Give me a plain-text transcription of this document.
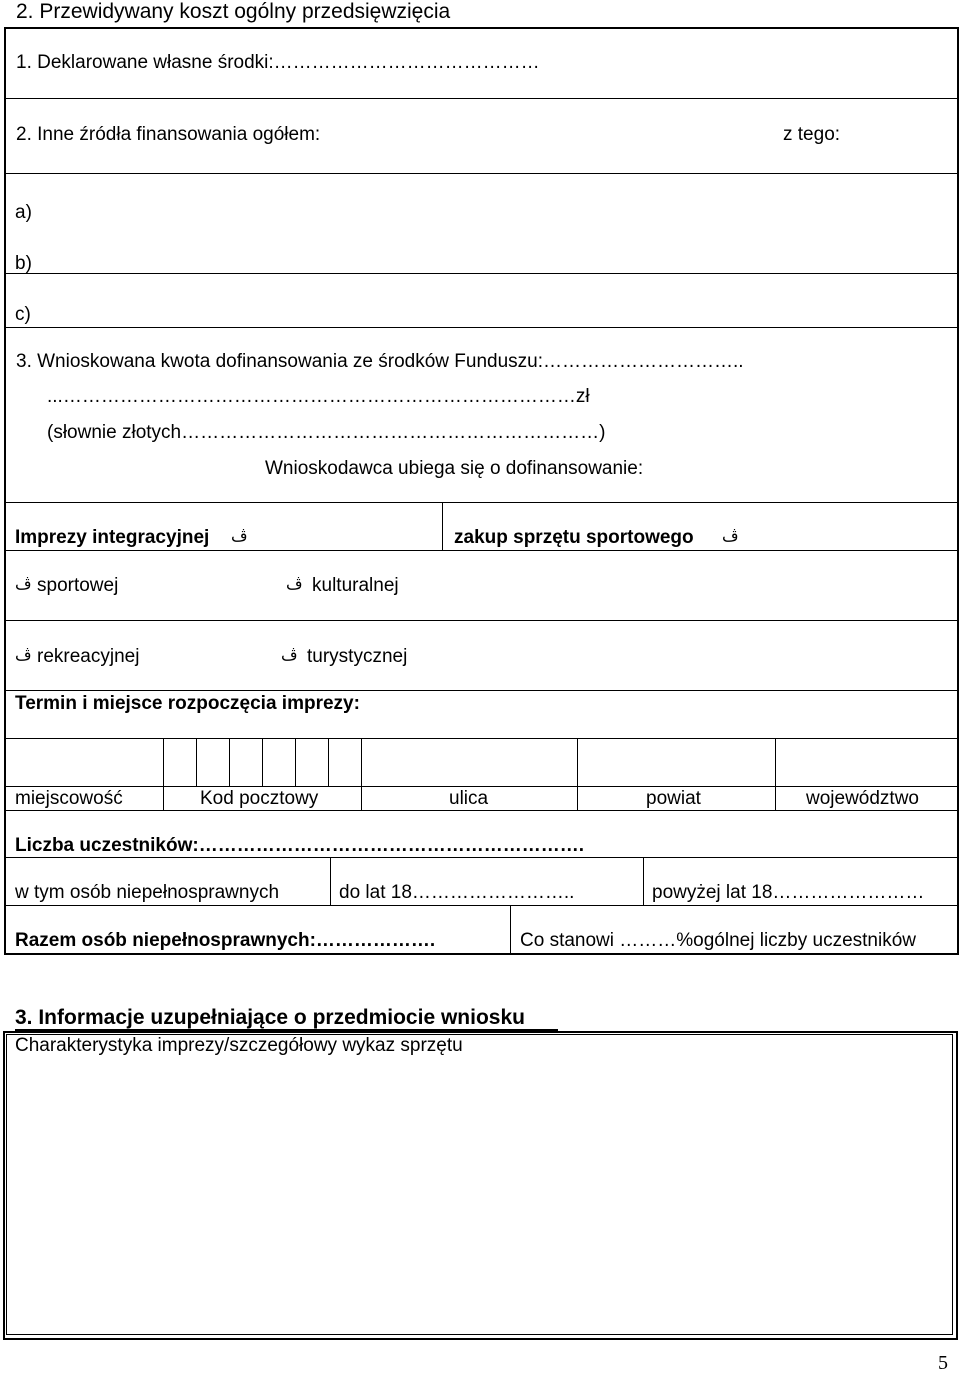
2. Przewidywany koszt ogólny przedsięwzięcia
1. Deklarowane własne środki:……………………………………
2. Inne źródła finansowania ogółem:	z tego:
a)
b)
c)
3. Wnioskowana kwota dofinansowania ze środków Funduszu:…………………………..
...………………………………………………………………………zł
(słownie złotych…………………………………………………………)
Wnioskodawca ubiega się o dofinansowanie:
Imprezy integracyjnej ڤ	zakup sprzętu sportowego ڤ
ڤ sportowej	ڤ kulturalnej
ڤ rekreacyjnej	ڤ turystycznej
Termin i miejsce rozpoczęcia imprezy:
miejscowość	Kod pocztowy	ulica	powiat	województwo
Liczba uczestników:…………………………………………………….
w tym osób niepełnosprawnych	do lat 18……………………..	powyżej lat 18……………………
Razem osób niepełnosprawnych:……………….	Co stanowi ………%ogólnej liczby uczestników
3. Informacje uzupełniające o przedmiocie wniosku
Charakterystyka imprezy/szczegółowy wykaz sprzętu
5
